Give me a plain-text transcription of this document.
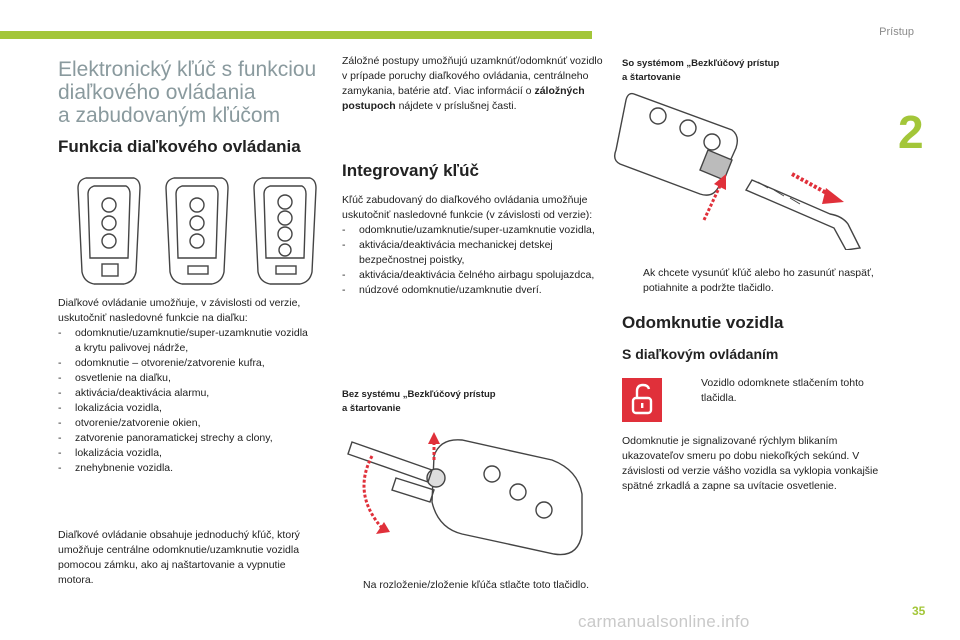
Prístup
2
Elektronický kľúč s funkciou
diaľkového ovládania
a zabudovaným kľúčom
Funkcia diaľkového ovládania
Diaľkové ovládanie umožňuje, v závislosti od verzie, uskutočniť nasledovné funkcie na diaľku:
- odomknutie/uzamknutie/super-uzamknutie vozidla a krytu palivovej nádrže,
- odomknutie – otvorenie/zatvorenie kufra,
- osvetlenie na diaľku,
- aktivácia/deaktivácia alarmu,
- lokalizácia vozidla,
- otvorenie/zatvorenie okien,
- zatvorenie panoramatickej strechy a clony,
- lokalizácia vozidla,
- znehybnenie vozidla.
Diaľkové ovládanie obsahuje jednoduchý kľúč, ktorý umožňuje centrálne odomknutie/uzamknutie vozidla pomocou zámku, ako aj naštartovanie a vypnutie motora.
Záložné postupy umožňujú uzamknúť/odomknúť vozidlo v prípade poruchy diaľkového ovládania, centrálneho zamykania, batérie atď. Viac informácií o záložných postupoch nájdete v príslušnej časti.
Integrovaný kľúč
Kľúč zabudovaný do diaľkového ovládania umožňuje uskutočniť nasledovné funkcie (v závislosti od verzie):
- odomknutie/uzamknutie/super-uzamknutie vozidla,
- aktivácia/deaktivácia mechanickej detskej bezpečnostnej poistky,
- aktivácia/deaktivácia čelného airbagu spolujazdca,
- núdzové odomknutie/uzamknutie dverí.
Bez systému „Bezkľúčový prístup
a štartovanie
Na rozloženie/zloženie kľúča stlačte toto tlačidlo.
So systémom „Bezkľúčový prístup
a štartovanie
Ak chcete vysunúť kľúč alebo ho zasunúť naspäť, potiahnite a podržte tlačidlo.
Odomknutie vozidla
S diaľkovým ovládaním
Vozidlo odomknete stlačením tohto tlačidla.
Odomknutie je signalizované rýchlym blikaním ukazovateľov smeru po dobu niekoľkých sekúnd. V závislosti od verzie vášho vozidla sa vyklopia vonkajšie spätné zrkadlá a zapne sa uvítacie osvetlenie.
35
carmanualsonline.info
